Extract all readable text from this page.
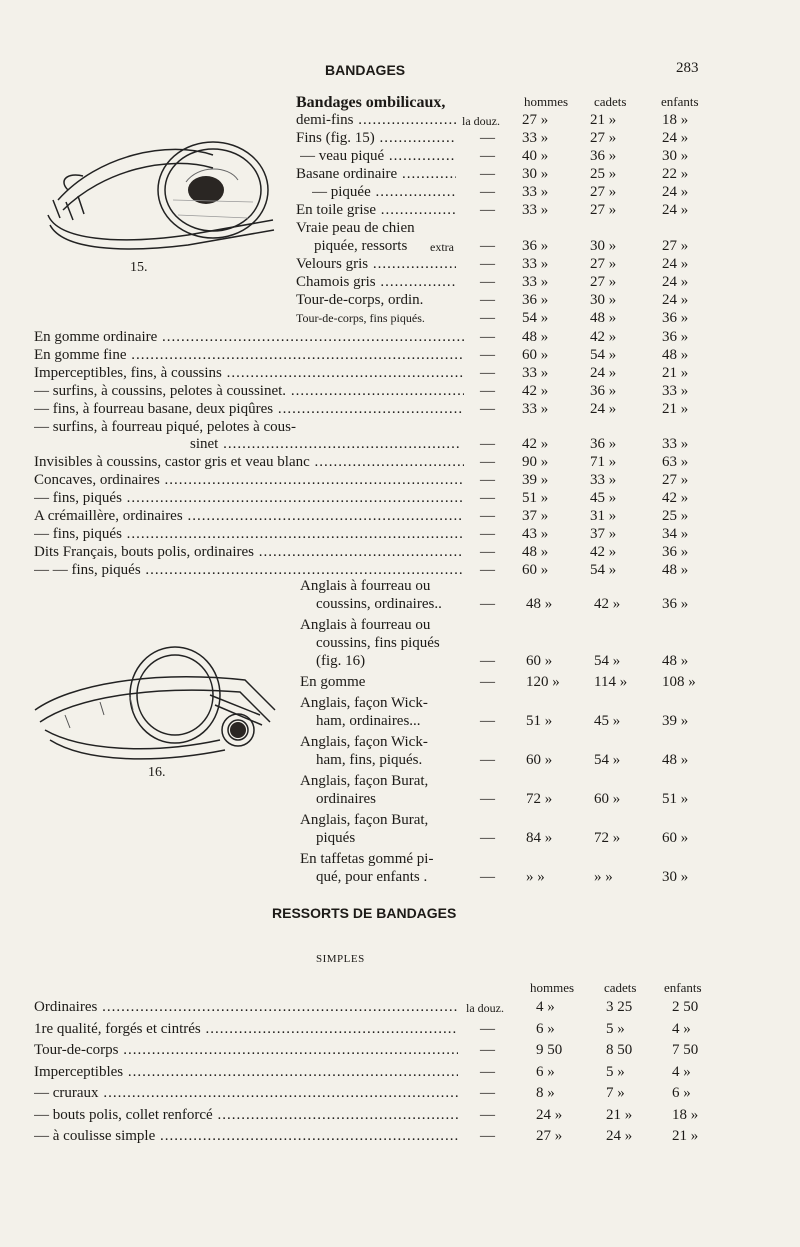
BANDAGES	283
15.
hommes cadets	enfants
Bandages ombilicaux,
demi-fins .....	la douz. 27 »	21 »	18 »
Fins (fig. 15) .....	— 33 »	27 »	24 »
— veau piqué .....	— 40 »	36 »	30 »
Basane ordinaire .....	— 30 »	25 »	22 »
— piquée .....	— 33 »	27 »	24 »
En toile grise .....	— 33 »	27 »	24 »
Vraie peau de chien
piquée, ressorts extra — 36 »	30 »	27 »
Velours gris .....	— 33 »	27 »	24 »
Chamois gris .....	— 33 »	27 »	24 »
Tour-de-corps, ordin.	— 36 »	30 »	24 »
Tour-de-corps, fins piqués.	— 54 »	48 »	36 »
En gomme ordinaire .....	— 48 »	42 »	36 »
En gomme fine .....	— 60 »	54 »	48 »
Imperceptibles, fins, à coussins .....	— 33 »	24 »	21 »
— surfins, à coussins, pelotes à coussinet. .....	— 42 »	36 »	33 »
— fins, à fourreau basane, deux piqûres .....	— 33 »	24 »	21 »
— surfins, à fourreau piqué, pelotes à cous-
sinet .....	— 42 »	36 »	33 »
Invisibles à coussins, castor gris et veau blanc .....	— 90 »	71 »	63 »
Concaves, ordinaires .....	— 39 »	33 »	27 »
— fins, piqués .....	— 51 »	45 »	42 »
A crémaillère, ordinaires .....	— 37 »	31 »	25 »
— fins, piqués .....	— 43 »	37 »	34 »
Dits Français, bouts polis, ordinaires .....	— 48 »	42 »	36 »
— — fins, piqués .....	— 60 »	54 »	48 »
16.
Anglais à fourreau ou
coussins, ordinaires..	— 48 »	42 »	36 »
Anglais à fourreau ou
coussins, fins piqués
(fig. 16)	— 60 »	54 »	48 »
En gomme	— 120 » 114 » 108 »
Anglais, façon Wick-
ham, ordinaires...	— 51 »	45 »	39 »
Anglais, façon Wick-
ham, fins, piqués.	— 60 »	54 »	48 »
Anglais, façon Burat,
ordinaires	— 72 »	60 »	51 »
Anglais, façon Burat,
piqués	— 84 »	72 »	60 »
En taffetas gommé pi-
qué, pour enfants .	— » »	» »	30 »
RESSORTS DE BANDAGES
SIMPLES
hommes cadets enfants
Ordinaires .....	la douz. 4 »	3 25	2 50
1re qualité, forgés et cintrés .....	—	6 »	5 »	4 »
Tour-de-corps .....	—	9 50	8 50	7 50
Imperceptibles .....	—	6 »	5 »	4 »
— cruraux .....	—	8 »	7 »	6 »
— bouts polis, collet renforcé .....	—	24 »	21 »	18 »
— à coulisse simple .....	—	27 »	24 »	21 »
